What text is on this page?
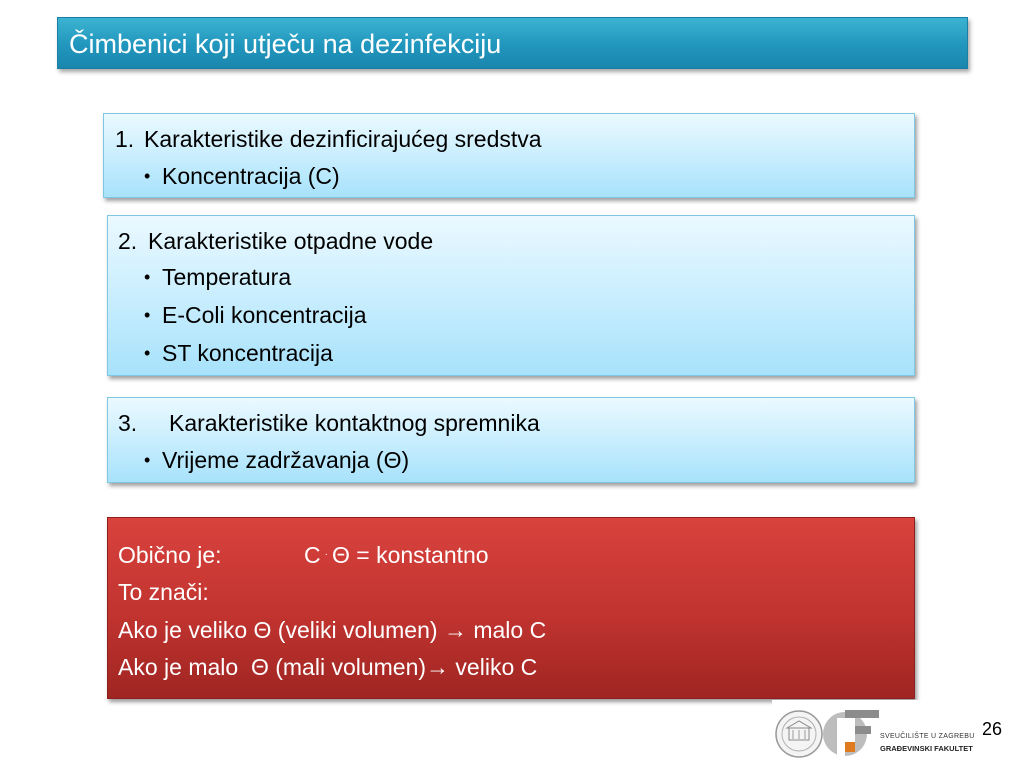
Čimbenici koji utječu na dezinfekciju
1. Karakteristike dezinficirajućeg sredstva
• Koncentracija (C)
2. Karakteristike otpadne vode
• Temperatura
• E-Coli koncentracija
• ST koncentracija
3. Karakteristike kontaktnog spremnika
• Vrijeme zadržavanja (Θ)
Obično je:	C · Θ = konstantno
To znači:
Ako je veliko Θ (veliki volumen) → malo C
Ako je malo  Θ (mali volumen)→ veliko C
SVEUČILIŠTE U ZAGREBU
GRAĐEVINSKI FAKULTET
26
